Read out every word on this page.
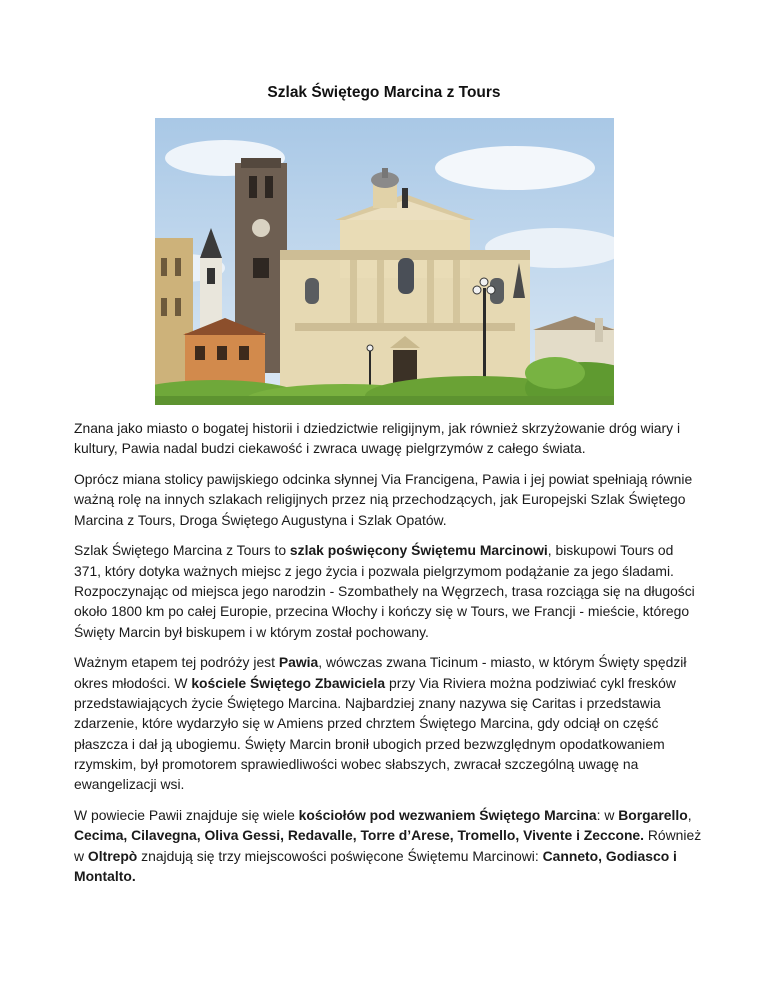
Szlak Świętego Marcina z Tours

Znana jako miasto o bogatej historii i dziedzictwie religijnym, jak również skrzyżowanie dróg wiary i kultury, Pawia nadal budzi ciekawość i zwraca uwagę pielgrzymów z całego świata.

Oprócz miana stolicy pawijskiego odcinka słynnej Via Francigena, Pawia i jej powiat spełniają równie ważną rolę na innych szlakach religijnych przez nią przechodzących, jak Europejski Szlak Świętego Marcina z Tours, Droga Świętego Augustyna i Szlak Opatów.

Szlak Świętego Marcina z Tours to szlak poświęcony Świętemu Marcinowi, biskupowi Tours od 371, który dotyka ważnych miejsc z jego życia i pozwala pielgrzymom podążanie za jego śladami. Rozpoczynając od miejsca jego narodzin - Szombathely na Węgrzech, trasa rozciąga się na długości około 1800 km po całej Europie, przecina Włochy i kończy się w Tours, we Francji - mieście, którego Święty Marcin był biskupem i w którym został pochowany.

Ważnym etapem tej podróży jest Pawia, wówczas zwana Ticinum - miasto, w którym Święty spędził okres młodości. W kościele Świętego Zbawiciela przy Via Riviera można podziwiać cykl fresków przedstawiających życie Świętego Marcina. Najbardziej znany nazywa się Caritas i przedstawia zdarzenie, które wydarzyło się w Amiens przed chrztem Świętego Marcina, gdy odciął on część płaszcza i dał ją ubogiemu. Święty Marcin bronił ubogich przed bezwzględnym opodatkowaniem rzymskim, był promotorem sprawiedliwości wobec słabszych, zwracał szczególną uwagę na ewangelizacji wsi.

W powiecie Pawii znajduje się wiele kościołów pod wezwaniem Świętego Marcina: w Borgarello, Cecima, Cilavegna, Oliva Gessi, Redavalle, Torre d’Arese, Tromello, Vivente i Zeccone. Również w Oltrepò znajdują się trzy miejscowości poświęcone Świętemu Marcinowi: Canneto, Godiasco i Montalto.
